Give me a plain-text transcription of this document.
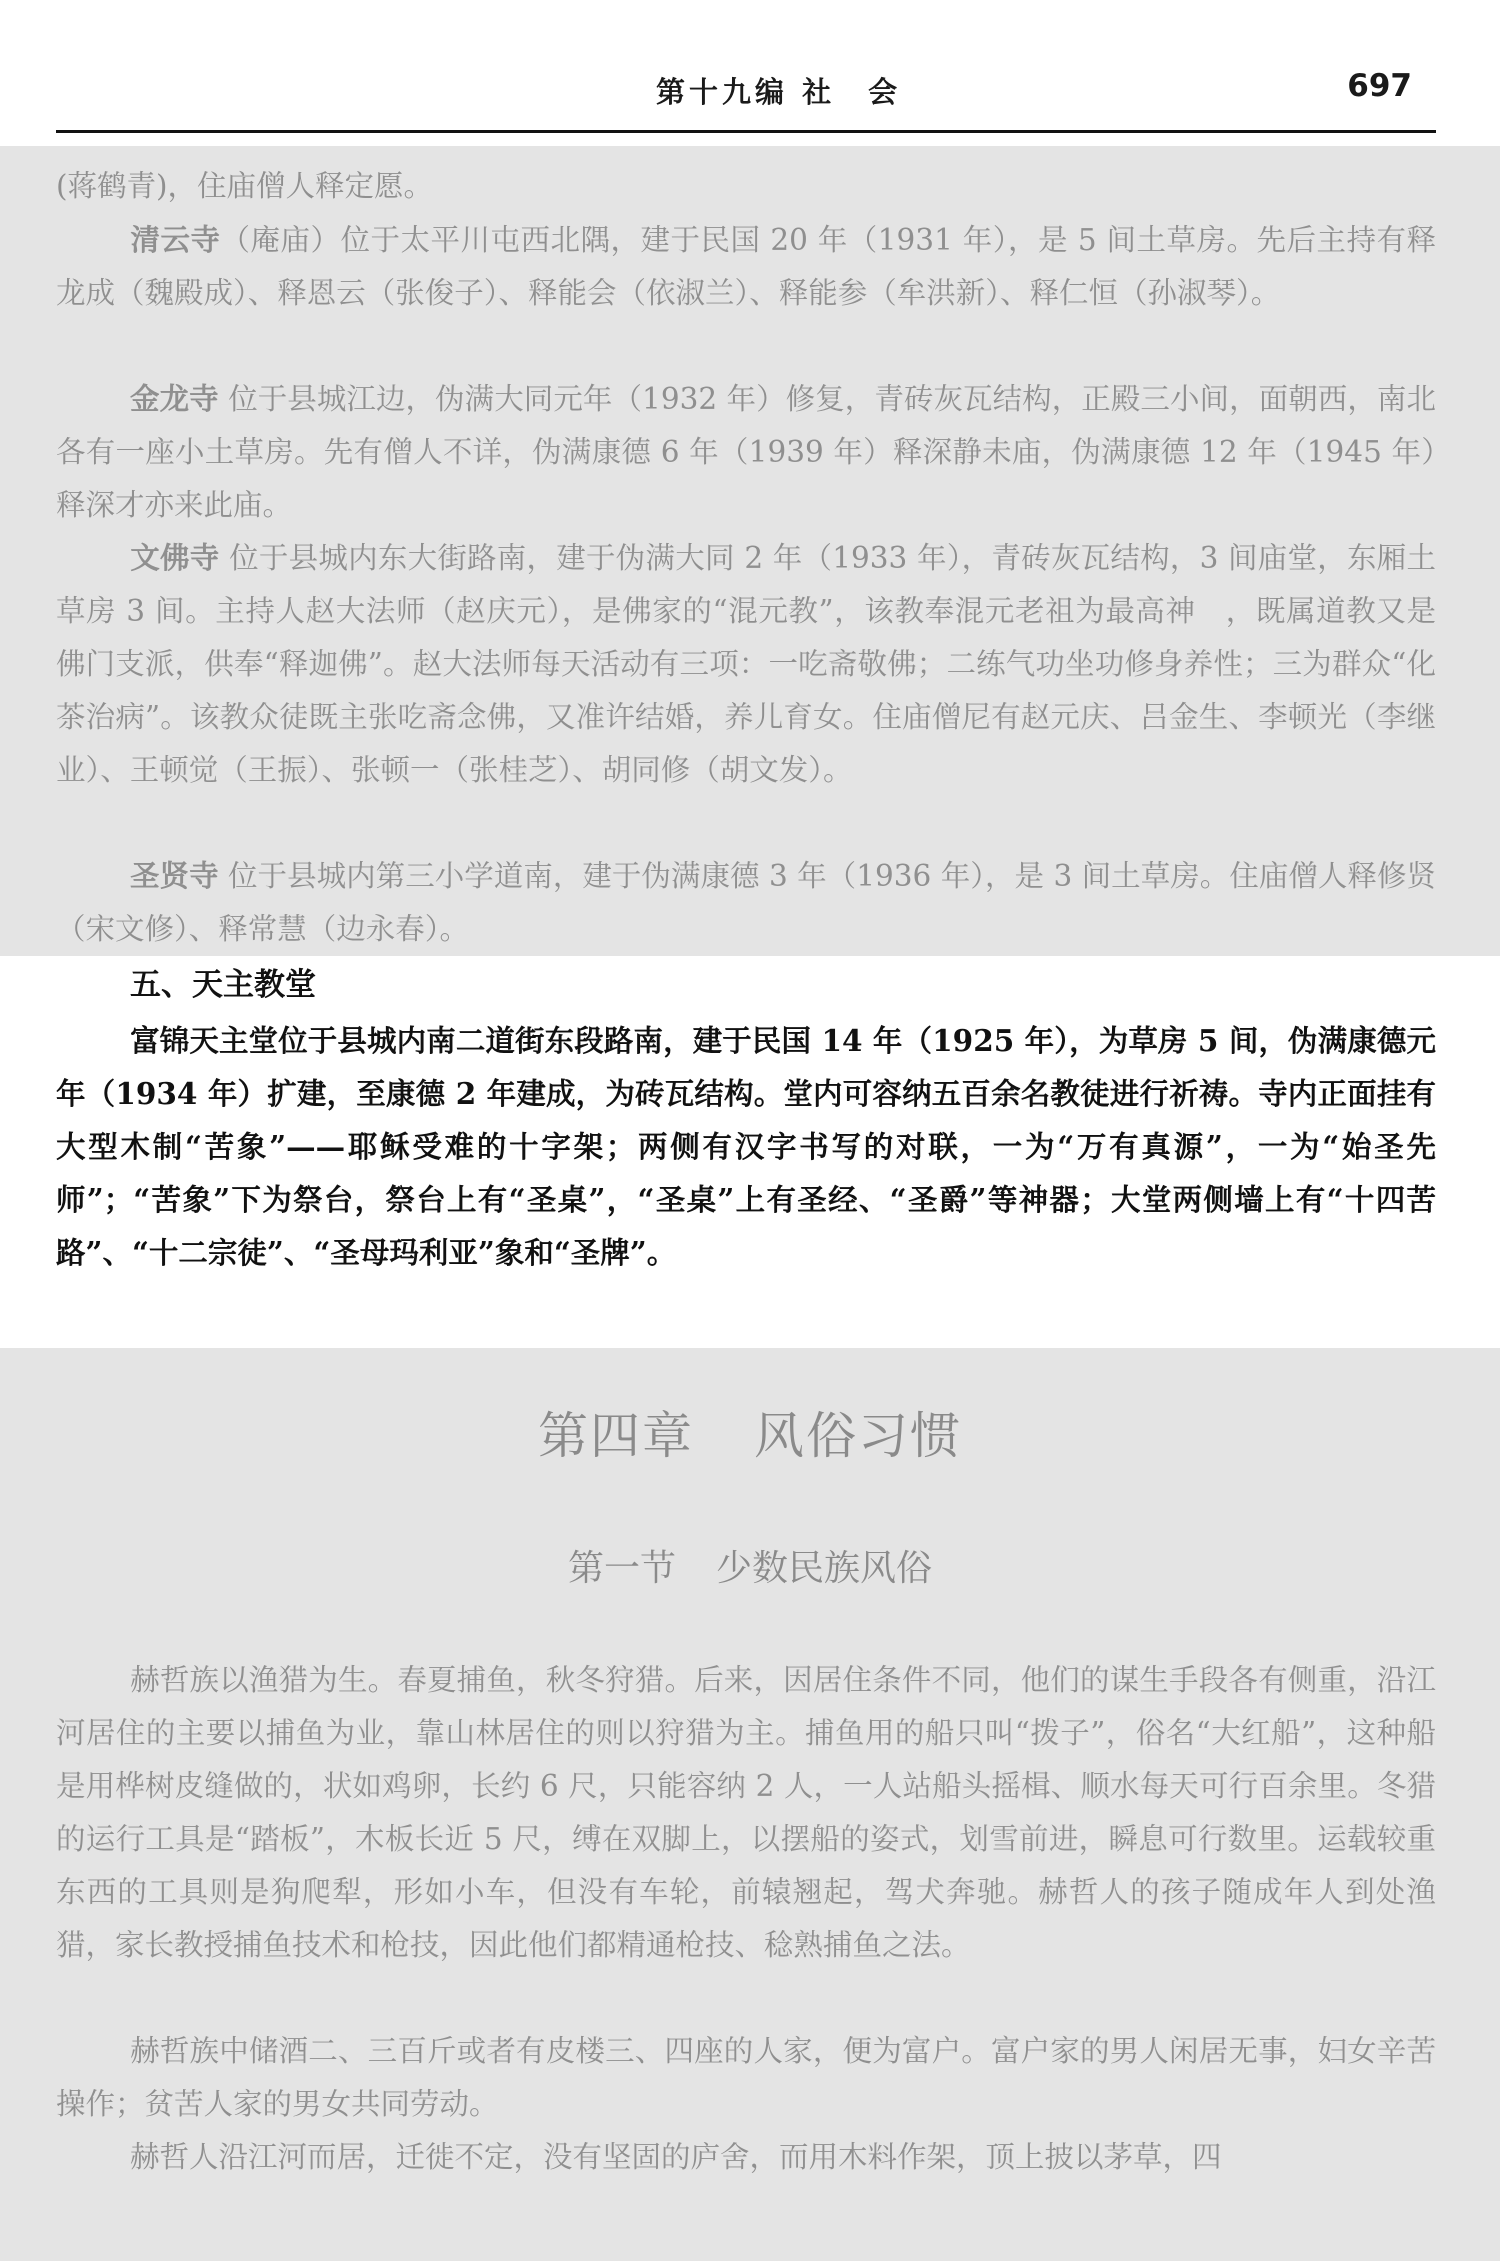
第十九编 社　会	697

(蒋鹤青)，住庙僧人释定愿。

清云寺（庵庙）位于太平川屯西北隅，建于民国 20 年（1931 年），是 5 间土草房。先后主持有释龙成（魏殿成）、释恩云（张俊子）、释能会（依淑兰）、释能参（牟洪新）、释仁恒（孙淑琴）。

金龙寺 位于县城江边，伪满大同元年（1932 年）修复，青砖灰瓦结构，正殿三小间，面朝西，南北各有一座小土草房。先有僧人不详，伪满康德 6 年（1939 年）释深静未庙，伪满康德 12 年（1945 年）释深才亦来此庙。

文佛寺 位于县城内东大街路南，建于伪满大同 2 年（1933 年），青砖灰瓦结构，3 间庙堂，东厢土草房 3 间。主持人赵大法师（赵庆元），是佛家的“混元教”，该教奉混元老祖为最高神　，既属道教又是佛门支派，供奉“释迦佛”。赵大法师每天活动有三项：一吃斋敬佛；二练气功坐功修身养性；三为群众“化茶治病”。该教众徒既主张吃斋念佛，又准许结婚，养儿育女。住庙僧尼有赵元庆、吕金生、李顿光（李继业）、王顿觉（王振）、张顿一（张桂芝）、胡同修（胡文发）。

圣贤寺 位于县城内第三小学道南，建于伪满康德 3 年（1936 年），是 3 间土草房。住庙僧人释修贤（宋文修）、释常慧（边永春）。

五、天主教堂

富锦天主堂位于县城内南二道街东段路南，建于民国 14 年（1925 年），为草房 5 间，伪满康德元年（1934 年）扩建，至康德 2 年建成，为砖瓦结构。堂内可容纳五百余名教徒进行祈祷。寺内正面挂有大型木制“苦象”——耶稣受难的十字架；两侧有汉字书写的对联，一为“万有真源”，一为“始圣先师”；“苦象”下为祭台，祭台上有“圣桌”，“圣桌”上有圣经、“圣爵”等神器；大堂两侧墙上有“十四苦路”、“十二宗徒”、“圣母玛利亚”象和“圣牌”。

第四章 风俗习惯
第一节 少数民族风俗

赫哲族以渔猎为生。春夏捕鱼，秋冬狩猎。后来，因居住条件不同，他们的谋生手段各有侧重，沿江河居住的主要以捕鱼为业，靠山林居住的则以狩猎为主。捕鱼用的船只叫“拨子”，俗名“大红船”，这种船是用桦树皮缝做的，状如鸡卵，长约 6 尺，只能容纳 2 人，一人站船头摇楫、顺水每天可行百余里。冬猎的运行工具是“踏板”，木板长近 5 尺，缚在双脚上，以摆船的姿式，划雪前进，瞬息可行数里。运载较重东西的工具则是狗爬犁，形如小车，但没有车轮，前辕翘起，驾犬奔驰。赫哲人的孩子随成年人到处渔猎，家长教授捕鱼技术和枪技，因此他们都精通枪技、稔熟捕鱼之法。

赫哲族中储酒二、三百斤或者有皮楼三、四座的人家，便为富户。富户家的男人闲居无事，妇女辛苦操作；贫苦人家的男女共同劳动。

赫哲人沿江河而居，迁徙不定，没有坚固的庐舍，而用木料作架，顶上披以茅草，四
